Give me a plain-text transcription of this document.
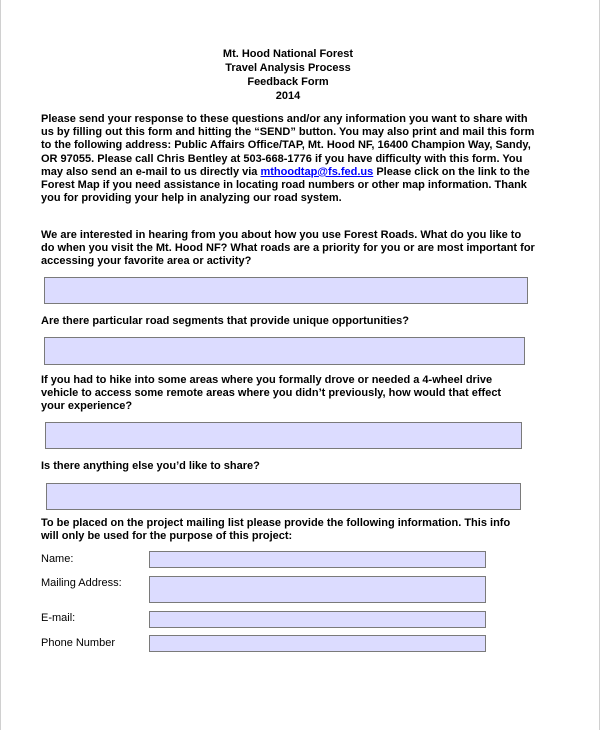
Mt. Hood National Forest
Travel Analysis Process
Feedback Form
2014
Please send your response to these questions and/or any information you want to share with us by filling out this form and hitting the “SEND” button. You may also print and mail this form to the following address: Public Affairs Office/TAP, Mt. Hood NF, 16400 Champion Way, Sandy, OR 97055. Please call Chris Bentley at 503-668-1776 if you have difficulty with this form. You may also send an e-mail to us directly via mthoodtap@fs.fed.us Please click on the link to the Forest Map if you need assistance in locating road numbers or other map information. Thank you for providing your help in analyzing our road system.
We are interested in hearing from you about how you use Forest Roads. What do you like to do when you visit the Mt. Hood NF? What roads are a priority for you or are most important for accessing your favorite area or activity?
Are there particular road segments that provide unique opportunities?
If you had to hike into some areas where you formally drove or needed a 4-wheel drive vehicle to access some remote areas where you didn’t previously, how would that effect your experience?
Is there anything else you’d like to share?
To be placed on the project mailing list please provide the following information. This info will only be used for the purpose of this project:
Name:
Mailing Address:
E-mail:
Phone Number
